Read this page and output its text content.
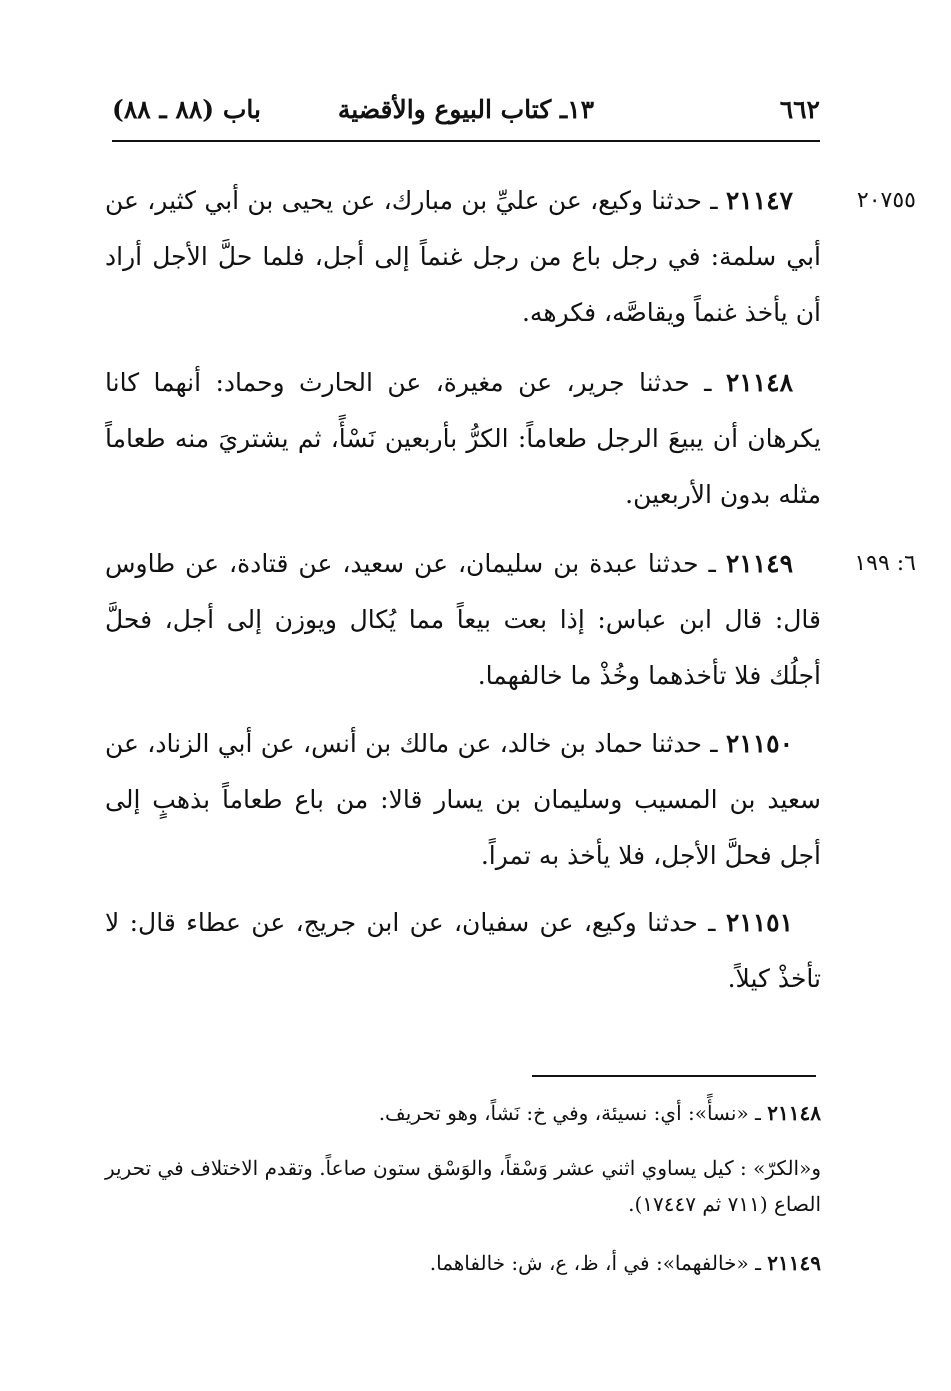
٦٦٢
١٣ـ كتاب البيوع والأقضية
باب (٨٨ ـ ٨٨)
٢٠٧٥٥
٢١١٤٧ ـ حدثنا وكيع، عن عليِّ بن مبارك، عن يحيى بن أبي كثير، عن أبي سلمة: في رجل باع من رجل غنماً إلى أجل، فلما حلَّ الأجل أراد أن يأخذ غنماً ويقاصَّه، فكرهه.
٢١١٤٨ ـ حدثنا جرير، عن مغيرة، عن الحارث وحماد: أنهما كانا يكرهان أن يبيعَ الرجل طعاماً: الكرُّ بأربعين نَسْأً، ثم يشتريَ منه طعاماً مثله بدون الأربعين.
٦: ١٩٩
٢١١٤٩ ـ حدثنا عبدة بن سليمان، عن سعيد، عن قتادة، عن طاوس قال: قال ابن عباس: إذا بعت بيعاً مما يُكال ويوزن إلى أجل، فحلَّ أجلُك فلا تأخذهما وخُذْ ما خالفهما.
٢١١٥٠ ـ حدثنا حماد بن خالد، عن مالك بن أنس، عن أبي الزناد، عن سعيد بن المسيب وسليمان بن يسار قالا: من باع طعاماً بذهبٍ إلى أجل فحلَّ الأجل، فلا يأخذ به تمراً.
٢١١٥١ ـ حدثنا وكيع، عن سفيان، عن ابن جريج، عن عطاء قال: لا تأخذْ كيلاً.
٢١١٤٨ ـ «نسأً»: أي: نسيئة، وفي خ: نَشاً، وهو تحريف.
و«الكرّ» : كيل يساوي اثني عشر وَسْقاً، والوَسْق ستون صاعاً. وتقدم الاختلاف في تحرير الصاع (٧١١ ثم ١٧٤٤٧).
٢١١٤٩ ـ «خالفهما»: في أ، ظ، ع، ش: خالفاهما.
